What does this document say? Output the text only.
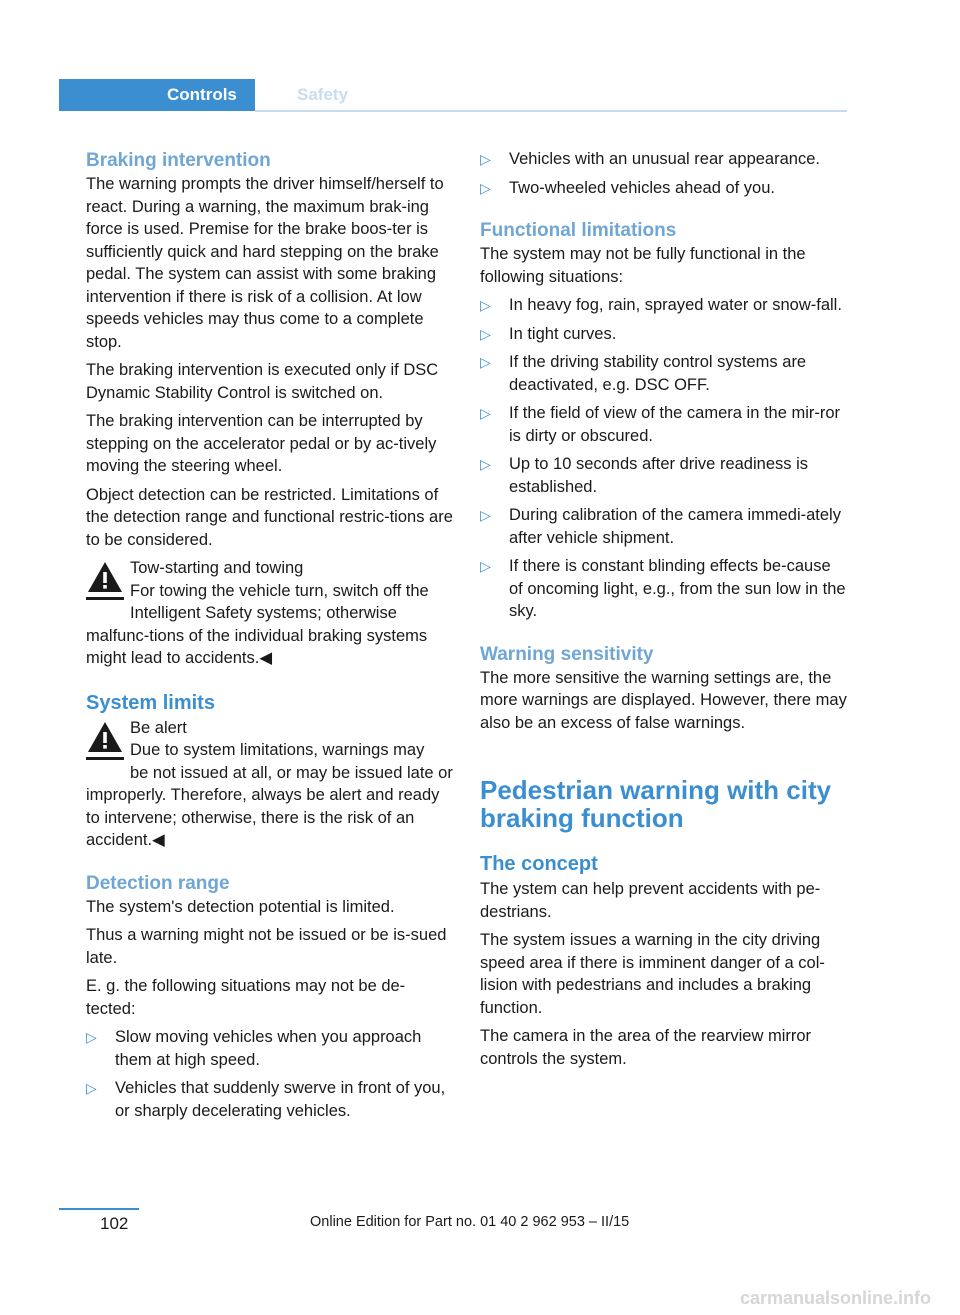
Controls	Safety
Braking intervention

The warning prompts the driver himself/herself to react. During a warning, the maximum brak‐ing force is used. Premise for the brake boos‐ter is sufficiently quick and hard stepping on the brake pedal. The system can assist with some braking intervention if there is risk of a collision. At low speeds vehicles may thus come to a complete stop.

The braking intervention is executed only if DSC Dynamic Stability Control is switched on.

The braking intervention can be interrupted by stepping on the accelerator pedal or by ac‐tively moving the steering wheel.

Object detection can be restricted. Limitations of the detection range and functional restric‐tions are to be considered.

Tow-starting and towing
For towing the vehicle turn, switch off the
Intelligent Safety systems; otherwise malfunc‐tions of the individual braking systems might lead to accidents.◀
System limits
Be alert
Due to system limitations, warnings may
be not issued at all, or may be issued late or improperly. Therefore, always be alert and ready to intervene; otherwise, there is the risk of an accident.◀
Detection range

The system's detection potential is limited.

Thus a warning might not be issued or be is‐sued late.

E. g. the following situations may not be de‐tected:

▷ Slow moving vehicles when you approach them at high speed.
▷ Vehicles that suddenly swerve in front of you, or sharply decelerating vehicles.
▷ Vehicles with an unusual rear appearance.
▷ Two-wheeled vehicles ahead of you.
Functional limitations

The system may not be fully functional in the following situations:

▷ In heavy fog, rain, sprayed water or snow‐fall.
▷ In tight curves.
▷ If the driving stability control systems are deactivated, e.g. DSC OFF.
▷ If the field of view of the camera in the mir‐ror is dirty or obscured.
▷ Up to 10 seconds after drive readiness is established.
▷ During calibration of the camera immedi‐ately after vehicle shipment.
▷ If there is constant blinding effects be‐cause of oncoming light, e.g., from the sun low in the sky.
Warning sensitivity

The more sensitive the warning settings are, the more warnings are displayed. However, there may also be an excess of false warnings.

Pedestrian warning with city braking function
The concept

The ystem can help prevent accidents with pe‐destrians.

The system issues a warning in the city driving speed area if there is imminent danger of a col‐lision with pedestrians and includes a braking function.

The camera in the area of the rearview mirror controls the system.

102	Online Edition for Part no. 01 40 2 962 953 – II/15
carmanualsonline.info
